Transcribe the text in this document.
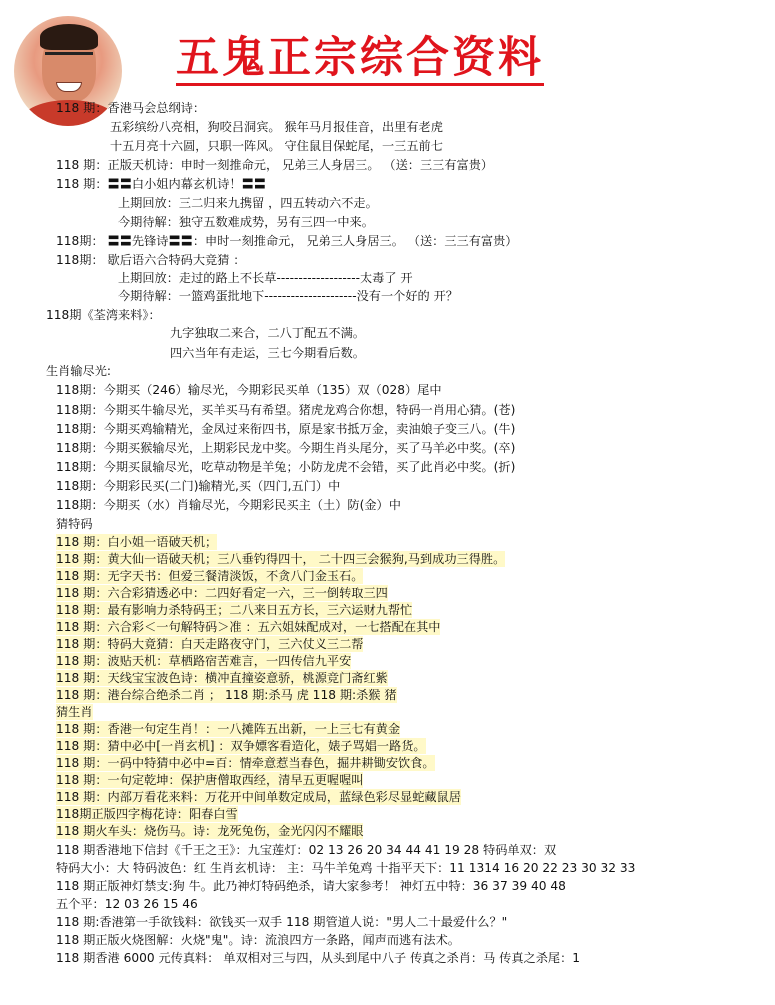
五鬼正宗综合资料
118 期：香港马会总纲诗：
五彩缤纷八亮相，狗咬吕洞宾。 猴年马月报佳音，出里有老虎
十五月亮十六圆，只职一阵风。 守住鼠目保蛇尾，一三五前七
118 期：正版天机诗：申时一刻推命元， 兄弟三人身居三。 （送：三三有富贵）
118 期：〓〓白小姐内幕玄机诗！〓〓
上期回放：三二归来九携留 ，四五转动六不走。
今期待解：独守五数难成势，另有三四一中来。
118期： 〓〓先锋诗〓〓：申时一刻推命元， 兄弟三人身居三。 （送：三三有富贵）
118期： 歇后语六合特码大竞猜 ：
上期回放：走过的路上不长草-------------------太毒了 开
今期待解：一篮鸡蛋批地下---------------------没有一个好的 开？
118期《荃湾来料》：
九字独取二来合，二八丁配五不满。
四六当年有走运，三七今期看后数。
生肖输尽光:
118期：今期买（246）输尽光，今期彩民买单（135）双（028）尾中
118期：今期买牛输尽光，买羊买马有希望。猪虎龙鸡合你想，特码一肖用心猜。(苍)
118期：今期买鸡输精光，金凤过来衔四书，原是家书抵万金，卖油娘子变三八。(牛)
118期：今期买猴输尽光，上期彩民龙中奖。今期生肖头尾分，买了马羊必中奖。(卒)
118期：今期买鼠输尽光，吃草动物是羊兔；小防龙虎不会错，买了此肖必中奖。(折)
118期：今期彩民买(二门)输精光,买（四门,五门）中
118期：今期买（水）肖输尽光，今期彩民买主（土）防(金）中
猜特码
118 期：白小姐一语破天机；
118 期：黄大仙一语破天机；三八垂钓得四十， 二十四三会猴狗,马到成功三得胜。
118 期：无字天书：但爱三餐清淡饭，不贪八门金玉石。
118 期：六合彩猜透必中：二四好看定一六，三一倒转取三四
118 期：最有影响力杀特码王；二八来日五方长，三六运财九帮忙
118 期：六合彩＜一句解特码＞准 ：五六姐妹配成对，一七搭配在其中
118 期：特码大竟猜：白天走路夜守门，三六仗义三二帮
118 期：波贴天机：草栖路宿苦难言，一四传信九平安
118 期：天线宝宝波色诗：横冲直撞姿意骄，桃源竞门斋红紫
118 期：港台综合绝杀二肖 ； 118 期:杀马 虎 118 期:杀猴 猪
猜生肖
118 期：香港一句定生肖！：一八摊阵五出新，一上三七有黄金
118 期：猜中必中[一肖玄机] ：双争嫖客看造化，婊子骂娼一路货。
118 期：一码中特猜中必中=百：情牵意惹当春色，掘井耕锄安饮食。
118 期：一句定乾坤：保护唐僧取西经，清早五更喔喔叫
118 期：内部万看花来料：万花开中间单数定成局，蓝绿色彩尽显蛇藏鼠居
118期正版四字梅花诗：阳春白雪
118 期火车头：烧伤马。诗：龙死兔伤，金光闪闪不耀眼
118 期香港地下信封《千王之王》：九宝莲灯：02 13 26 20 34 44 41 19 28 特码单双：双
特码大小：大 特码波色：红 生肖玄机诗： 主：马牛羊兔鸡 十指平天下：11 1314 16 20 22 23 30 32 33
118 期正版神灯禁支:狗 牛。此乃神灯特码绝杀，请大家参考！ 神灯五中特：36 37 39 40 48
五个平：12 03 26 15 46
118 期:香港第一手欲钱料：欲钱买一双手 118 期管道人说："男人二十最爱什么？"
118 期正版火烧图解：火烧"鬼"。诗：流浪四方一条路，闻声而逃有法术。
118 期香港 6000 元传真料： 单双相对三与四，从头到尾中八子 传真之杀肖：马 传真之杀尾：1
